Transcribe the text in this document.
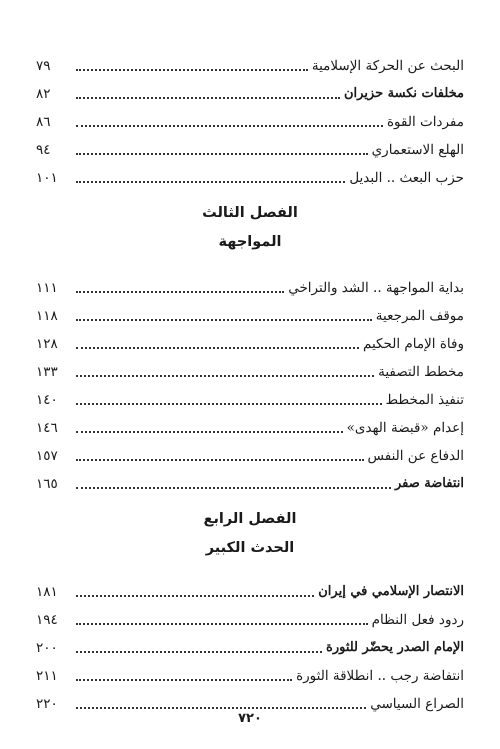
البحث عن الحركة الإسلامية
٧٩
مخلفات نكسة حزيران
٨٢
مفردات القوة
٨٦
الهلع الاستعماري
٩٤
حزب البعث .. البديل
١٠١
الفصل الثالث
المواجهة
بداية المواجهة .. الشد والتراخي
١١١
موقف المرجعية
١١٨
وفاة الإمام الحكيم
١٢٨
مخطط التصفية
١٣٣
تنفيذ المخطط
١٤٠
إعدام «قبضة الهدى»
١٤٦
الدفاع عن النفس
١٥٧
انتفاضة صفر
١٦٥
الفصل الرابع
الحدث الكبير
الانتصار الإسلامي في إيران
١٨١
ردود فعل النظام
١٩٤
الإمام الصدر يحضّر للثورة
٢٠٠
انتفاضة رجب .. انطلاقة الثورة
٢١١
الصراع السياسي
٢٢٠
٧٢٠
